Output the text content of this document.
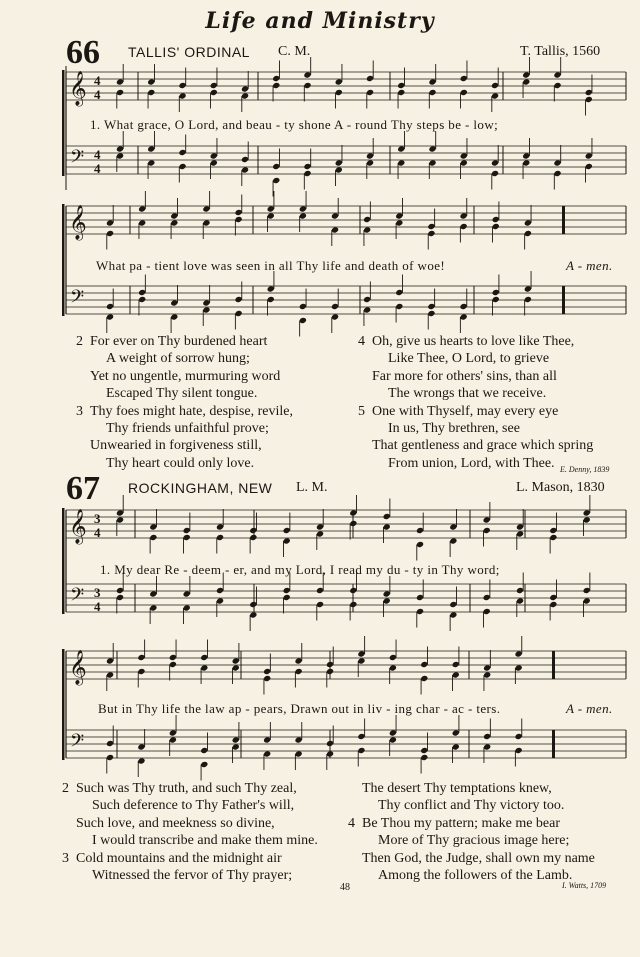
Life and Ministry
66 TALLIS' ORDINAL C. M.	T. Tallis, 1560
𝄞
𝄢
4
4
4
4
𝄞
𝄢
𝄞
𝄢
3
4
3
4
𝄞
𝄢
1. What grace, O Lord, and beau - ty shone A - round Thy steps be - low;
What pa - tient love was seen in all Thy life and death of woe!	A - men.
2 For ever on Thy burdened heart
A weight of sorrow hung;
Yet no ungentle, murmuring word
Escaped Thy silent tongue.
3 Thy foes might hate, despise, revile,
Thy friends unfaithful prove;
Unwearied in forgiveness still,
Thy heart could only love.
4 Oh, give us hearts to love like Thee,
Like Thee, O Lord, to grieve
Far more for others' sins, than all
The wrongs that we receive.
5 One with Thyself, may every eye
In us, Thy brethren, see
That gentleness and grace which spring
From union, Lord, with Thee. E. Denny, 1839
67 ROCKINGHAM, NEW L. M.	L. Mason, 1830
1. My dear Re - deem - er, and my Lord, I read my du - ty in Thy word;
But in Thy life the law ap - pears, Drawn out in liv - ing char - ac - ters.	A - men.
2 Such was Thy truth, and such Thy zeal,
Such deference to Thy Father's will,
Such love, and meekness so divine,
I would transcribe and make them mine.
3 Cold mountains and the midnight air
Witnessed the fervor of Thy prayer;
The desert Thy temptations knew,
Thy conflict and Thy victory too.
4 Be Thou my pattern; make me bear
More of Thy gracious image here;
Then God, the Judge, shall own my name
Among the followers of the Lamb.
I. Watts, 1709
48
